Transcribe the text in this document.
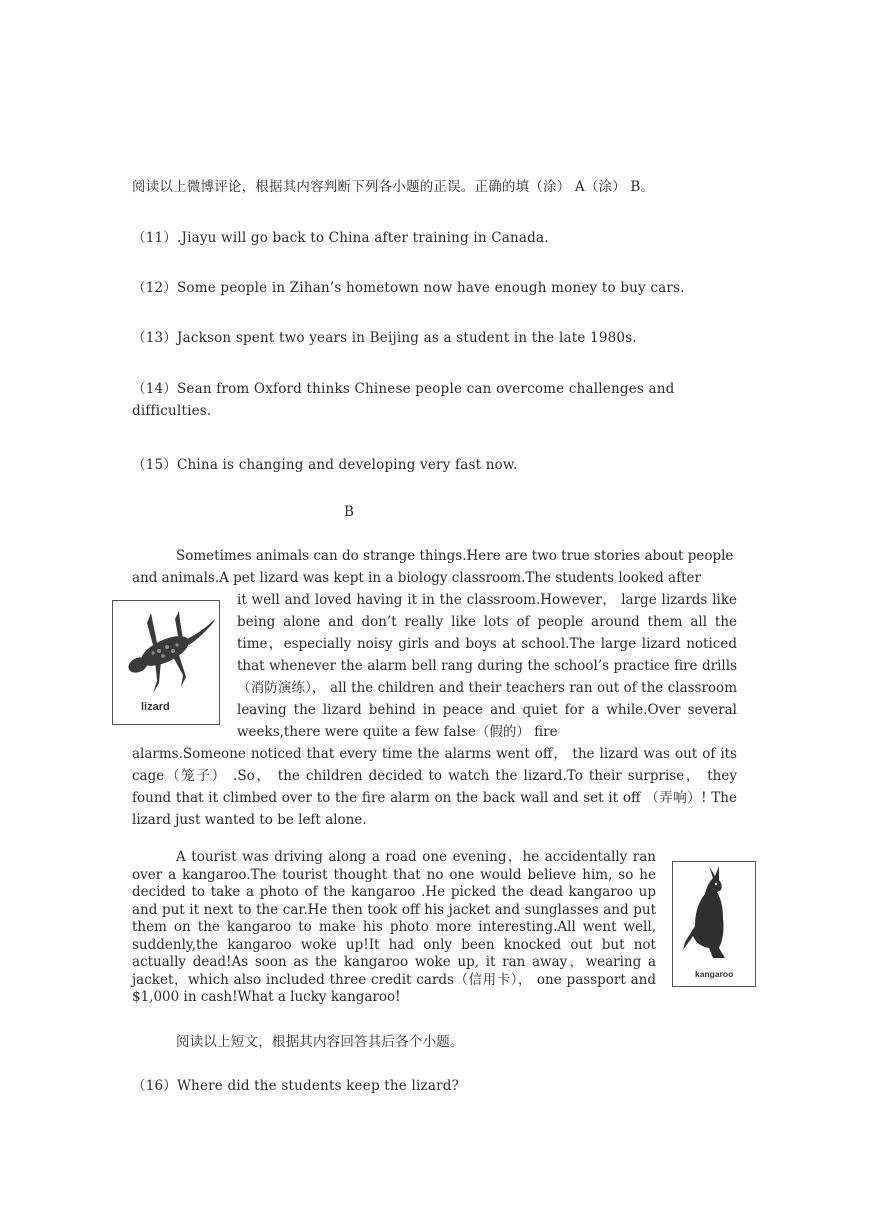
阅读以上微博评论，根据其内容判断下列各小题的正误。正确的填（涂） A（涂） B。
（11）.Jiayu will go back to China after training in Canada.
（12）Some people in Zihan’s hometown now have enough money to buy cars.
（13）Jackson spent two years in Beijing as a student in the late 1980s.
（14）Sean from Oxford thinks Chinese people can overcome challenges and
difficulties.
（15）China is changing and developing very fast now.
B
Sometimes animals can do strange things.Here are two true stories about people
and animals.A pet lizard was kept in a biology classroom.The students looked after
lizard
it well and loved having it in the classroom.However， large lizards like being alone and don’t really like lots of people around them all the time，especially noisy girls and boys at school.The large lizard noticed that whenever the alarm bell rang during the school’s practice fire drills （消防演练）， all the children and their teachers ran out of the classroom leaving the lizard behind in peace and quiet for a while.Over several weeks,there were quite a few false（假的） fire
alarms.Someone noticed that every time the alarms went off， the lizard was out of its cage（笼子） .So， the children decided to watch the lizard.To their surprise， they found that it climbed over to the fire alarm on the back wall and set it off （弄响）! The lizard just wanted to be left alone.
A tourist was driving along a road one evening，he accidentally ran over a kangaroo.The tourist thought that no one would believe him, so he decided to take a photo of the kangaroo .He picked the dead kangaroo up and put it next to the car.He then took off his jacket and sunglasses and put them on the kangaroo to make his photo more interesting.All went well, suddenly,the kangaroo woke up!It had only been knocked out but not actually dead!As soon as the kangaroo woke up, it ran away，wearing a jacket，which also included three credit cards（信用卡）， one passport and $1,000 in cash!What a lucky kangaroo!
kangaroo
阅读以上短文，根据其内容回答其后各个小题。
（16）Where did the students keep the lizard?
